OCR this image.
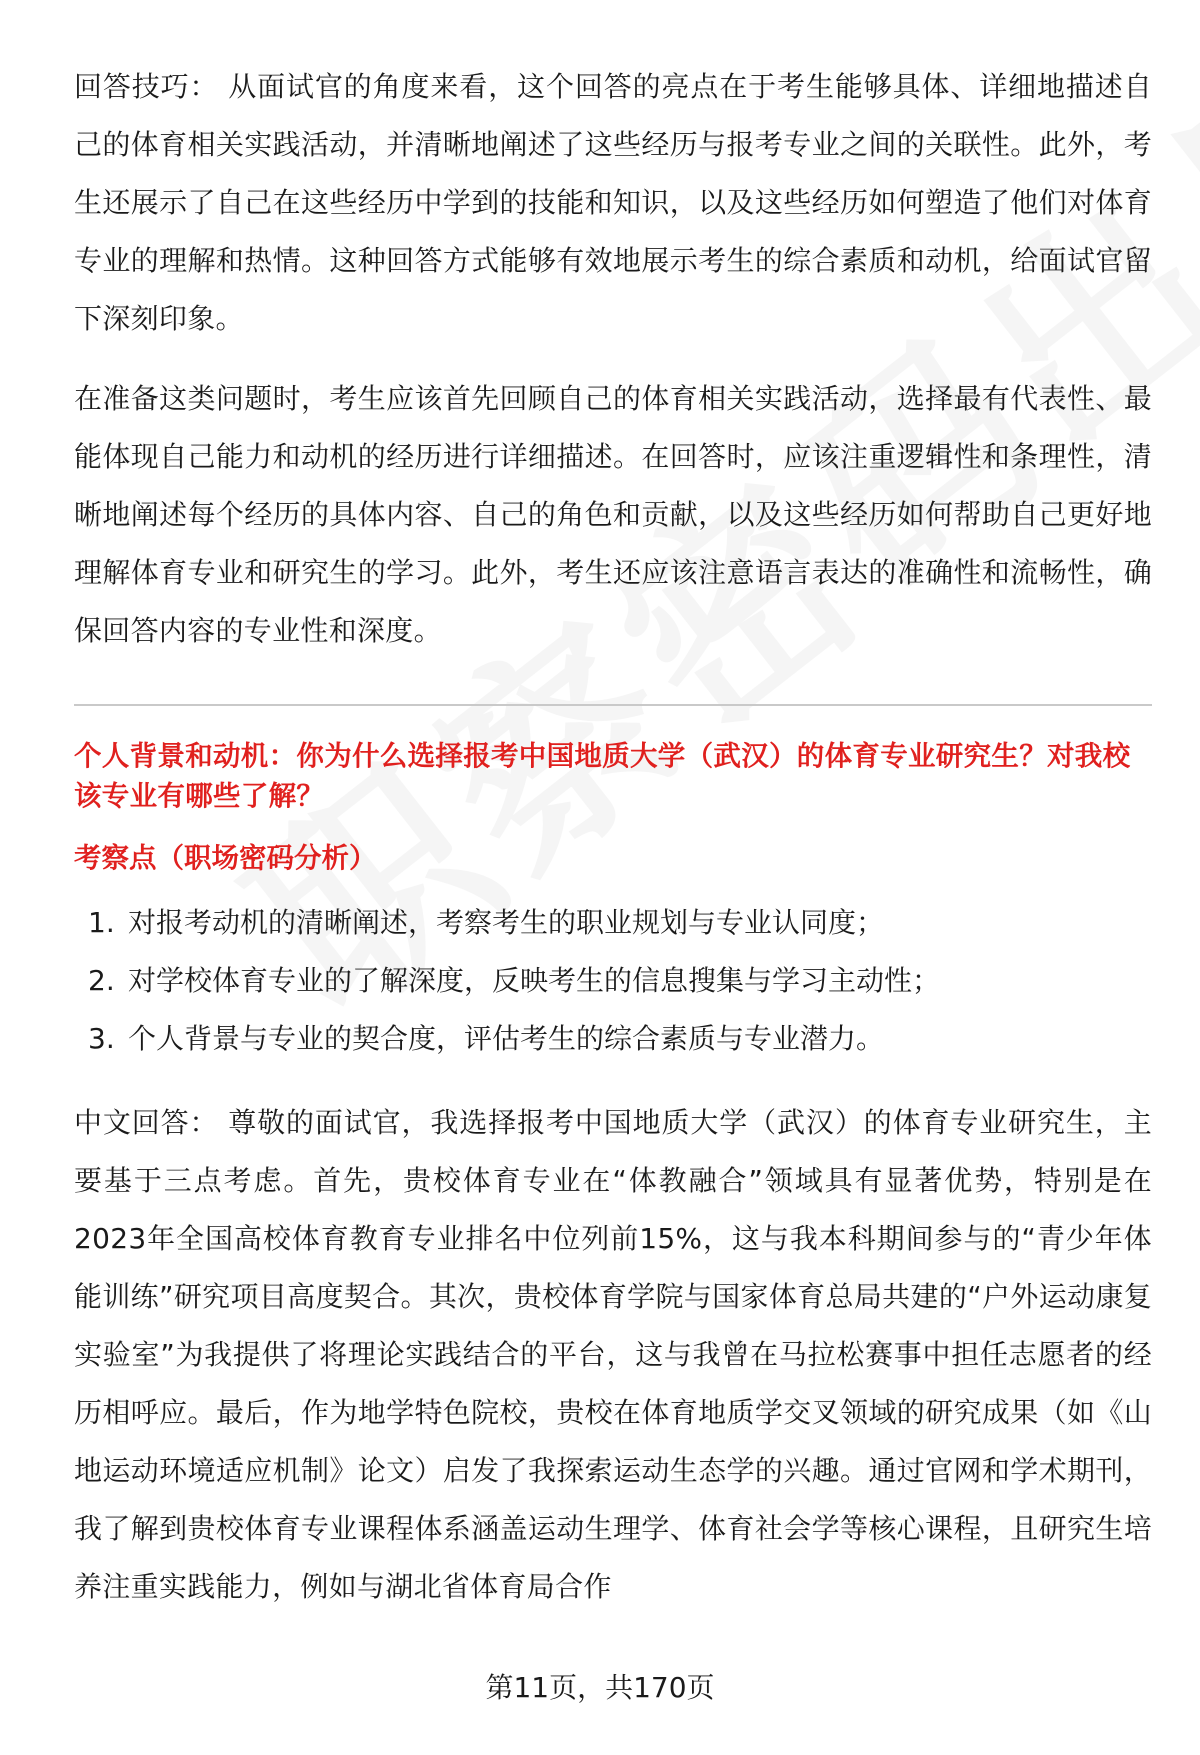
回答技巧： 从面试官的角度来看，这个回答的亮点在于考生能够具体、详细地描述自己的体育相关实践活动，并清晰地阐述了这些经历与报考专业之间的关联性。此外，考生还展示了自己在这些经历中学到的技能和知识，以及这些经历如何塑造了他们对体育专业的理解和热情。这种回答方式能够有效地展示考生的综合素质和动机，给面试官留下深刻印象。

在准备这类问题时，考生应该首先回顾自己的体育相关实践活动，选择最有代表性、最能体现自己能力和动机的经历进行详细描述。在回答时，应该注重逻辑性和条理性，清晰地阐述每个经历的具体内容、自己的角色和贡献，以及这些经历如何帮助自己更好地理解体育专业和研究生的学习。此外，考生还应该注意语言表达的准确性和流畅性，确保回答内容的专业性和深度。

个人背景和动机：你为什么选择报考中国地质大学（武汉）的体育专业研究生？对我校该专业有哪些了解？

考察点（职场密码分析）

1. 对报考动机的清晰阐述，考察考生的职业规划与专业认同度；
2. 对学校体育专业的了解深度，反映考生的信息搜集与学习主动性；
3. 个人背景与专业的契合度，评估考生的综合素质与专业潜力。

中文回答： 尊敬的面试官，我选择报考中国地质大学（武汉）的体育专业研究生，主要基于三点考虑。首先，贵校体育专业在“体教融合”领域具有显著优势，特别是在2023年全国高校体育教育专业排名中位列前15%，这与我本科期间参与的“青少年体能训练”研究项目高度契合。其次，贵校体育学院与国家体育总局共建的“户外运动康复实验室”为我提供了将理论实践结合的平台，这与我曾在马拉松赛事中担任志愿者的经历相呼应。最后，作为地学特色院校，贵校在体育地质学交叉领域的研究成果（如《山地运动环境适应机制》论文）启发了我探索运动生态学的兴趣。通过官网和学术期刊，我了解到贵校体育专业课程体系涵盖运动生理学、体育社会学等核心课程，且研究生培养注重实践能力，例如与湖北省体育局合作

第11页，共170页
